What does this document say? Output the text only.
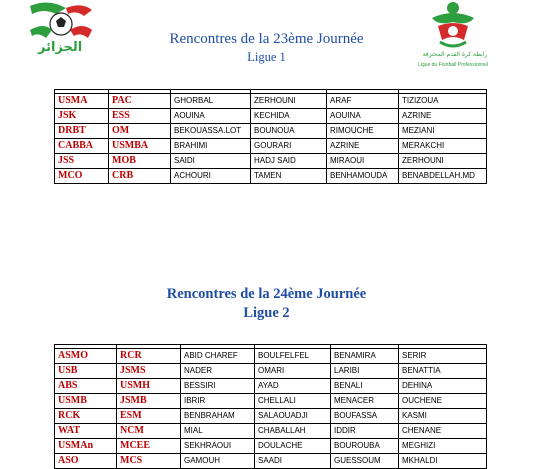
الجزائر	رابطة كرة القدم المحترفة
Ligue du Football Professionnel
Rencontres de la 23ème Journée
Ligue 1

USMA	PAC	GHORBAL	ZERHOUNI	ARAF	TIZIZOUA
JSK	ESS	AOUINA	KECHIDA	AOUINA	AZRINE
DRBT	OM	BEKOUASSA.LOT	BOUNOUA	RIMOUCHE	MEZIANI
CABBA	USMBA	BRAHIMI	GOURARI	AZRINE	MERAKCHI
JSS	MOB	SAIDI	HADJ SAID	MIRAOUI	ZERHOUNI
MCO	CRB	ACHOURI	TAMEN	BENHAMOUDA	BENABDELLAH.MD
Rencontres de la 24ème Journée
Ligue 2

ASMO	RCR	ABID CHAREF	BOULFELFEL	BENAMIRA	SERIR
USB	JSMS	NADER	OMARI	LARIBI	BENATTIA
ABS	USMH	BESSIRI	AYAD	BENALI	DEHINA
USMB	JSMB	IBRIR	CHELLALI	MENACER	OUCHENE
RCK	ESM	BENBRAHAM	SALAOUADJI	BOUFASSA	KASMI
WAT	NCM	MIAL	CHABALLAH	IDDIR	CHENANE
USMAn	MCEE	SEKHRAOUI	DOULACHE	BOUROUBA	MEGHIZI
ASO	MCS	GAMOUH	SAADI	GUESSOUM	MKHALDI
